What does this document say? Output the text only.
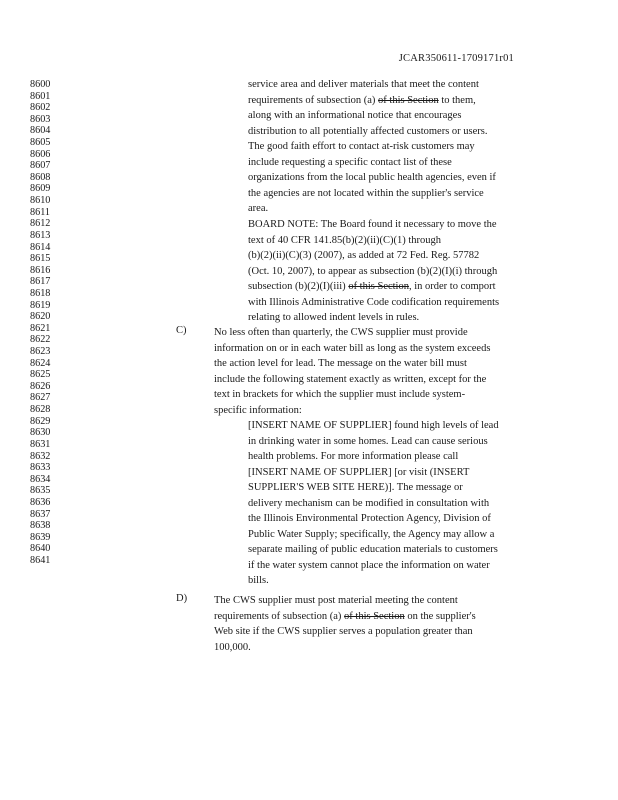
JCAR350611-1709171r01
8600
8601
8602
8603
8604
8605
8606
8607
8608
8609
8610
8611
8612
8613
8614
8615
8616
8617
8618
8619
8620
8621
8622
8623
8624
8625
8626
8627
8628
8629
8630
8631
8632
8633
8634
8635
8636
8637
8638
8639
8640
8641
service area and deliver materials that meet the content
requirements of subsection (a) of this Section to them,
along with an informational notice that encourages
distribution to all potentially affected customers or users.
The good faith effort to contact at-risk customers may
include requesting a specific contact list of these
organizations from the local public health agencies, even if
the agencies are not located within the supplier's service
area.
BOARD NOTE: The Board found it necessary to move the
text of 40 CFR 141.85(b)(2)(ii)(C)(1) through
(b)(2)(ii)(C)(3) (2007), as added at 72 Fed. Reg. 57782
(Oct. 10, 2007), to appear as subsection (b)(2)(I)(i) through
subsection (b)(2)(I)(iii) of this Section, in order to comport
with Illinois Administrative Code codification requirements
relating to allowed indent levels in rules.
C)	No less often than quarterly, the CWS supplier must provide
information on or in each water bill as long as the system exceeds
the action level for lead. The message on the water bill must
include the following statement exactly as written, except for the
text in brackets for which the supplier must include system-
specific information:
[INSERT NAME OF SUPPLIER] found high levels of lead
in drinking water in some homes. Lead can cause serious
health problems. For more information please call
[INSERT NAME OF SUPPLIER] [or visit (INSERT
SUPPLIER'S WEB SITE HERE)]. The message or
delivery mechanism can be modified in consultation with
the Illinois Environmental Protection Agency, Division of
Public Water Supply; specifically, the Agency may allow a
separate mailing of public education materials to customers
if the water system cannot place the information on water
bills.
D)	The CWS supplier must post material meeting the content
requirements of subsection (a) of this Section on the supplier's
Web site if the CWS supplier serves a population greater than
100,000.
